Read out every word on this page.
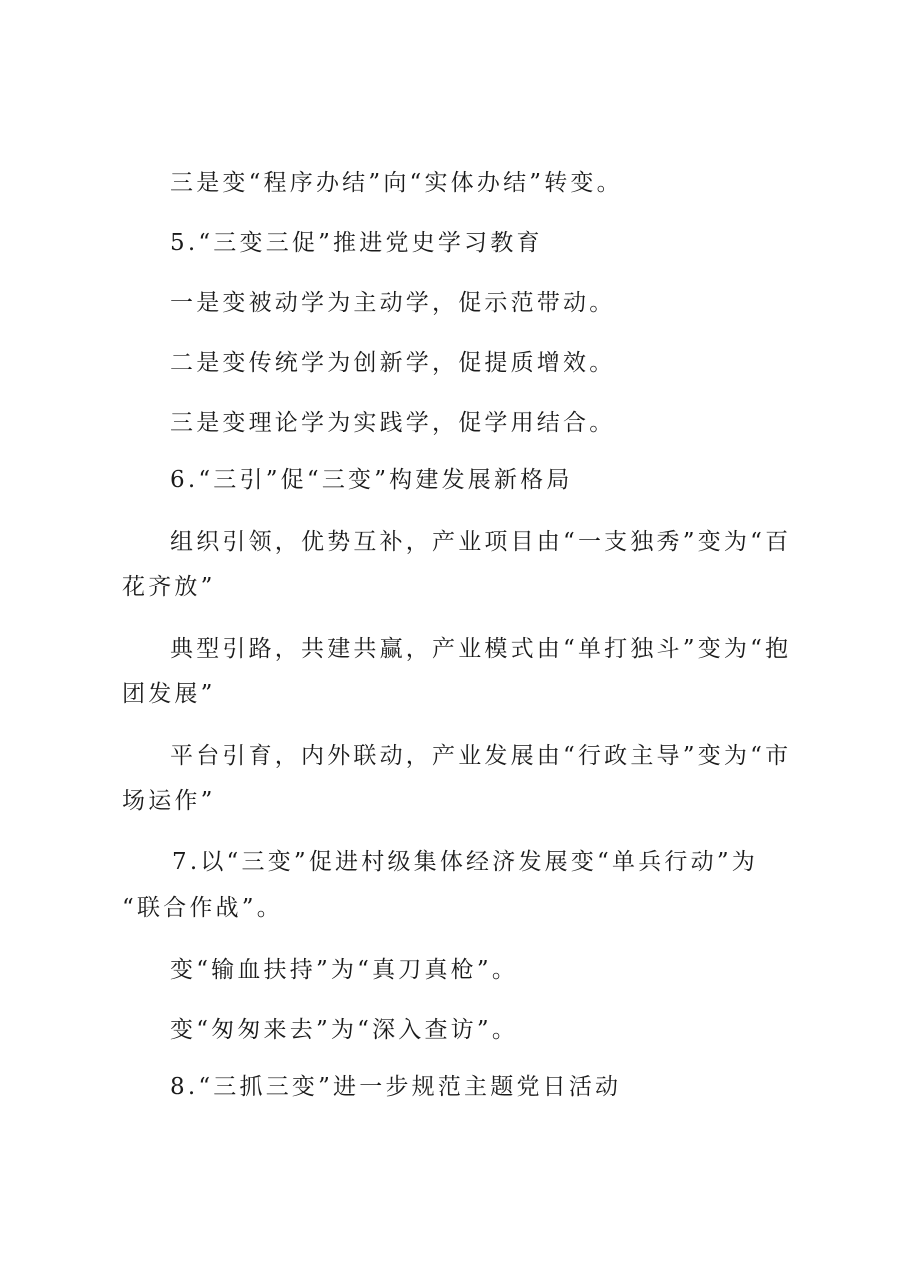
三是变“程序办结”向“实体办结”转变。

5.“三变三促”推进党史学习教育

一是变被动学为主动学，促示范带动。

二是变传统学为创新学，促提质增效。

三是变理论学为实践学，促学用结合。

6.“三引”促“三变”构建发展新格局

组织引领，优势互补，产业项目由“一支独秀”变为“百

花齐放”

典型引路，共建共赢，产业模式由“单打独斗”变为“抱

团发展”

平台引育，内外联动，产业发展由“行政主导”变为“市

场运作”

7.以“三变”促进村级集体经济发展变“单兵行动”为

“联合作战”。

变“输血扶持”为“真刀真枪”。

变“匆匆来去”为“深入查访”。

8.“三抓三变”进一步规范主题党日活动
